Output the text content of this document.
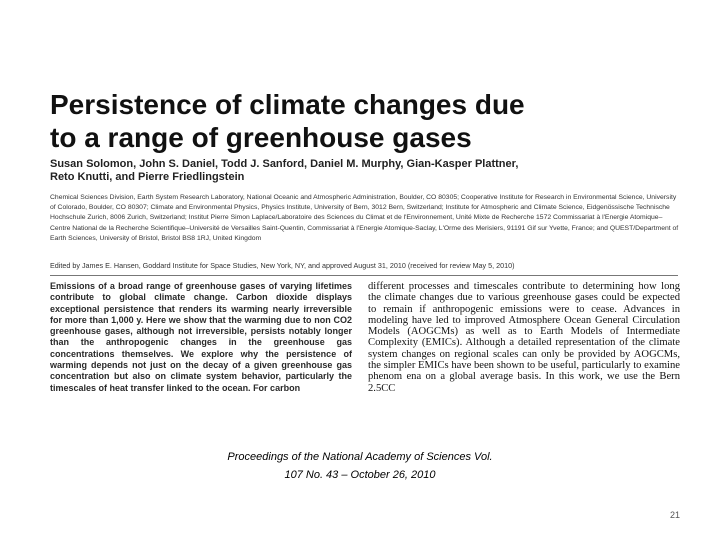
Persistence of climate changes due
to a range of greenhouse gases
Susan Solomon, John S. Daniel, Todd J. Sanford, Daniel M. Murphy, Gian-Kasper Plattner,
Reto Knutti, and Pierre Friedlingstein
Chemical Sciences Division, Earth System Research Laboratory, National Oceanic and Atmospheric Administration, Boulder, CO 80305; Cooperative Institute for Research in Environmental Science, University of Colorado, Boulder, CO 80307; Climate and Environmental Physics, Physics Institute, University of Bern, 3012 Bern, Switzerland; Institute for Atmospheric and Climate Science, Eidgenössische Technische Hochschule Zurich, 8006 Zurich, Switzerland; Institut Pierre Simon Laplace/Laboratoire des Sciences du Climat et de l'Environnement, Unité Mixte de Recherche 1572 Commissariat à l'Energie Atomique–Centre National de la Recherche Scientifique–Université de Versailles Saint-Quentin, Commissariat à l'Energie Atomique-Saclay, L'Orme des Merisiers, 91191 Gif sur Yvette, France; and QUEST/Department of Earth Sciences, University of Bristol, Bristol BS8 1RJ, United Kingdom
Edited by James E. Hansen, Goddard Institute for Space Studies, New York, NY, and approved August 31, 2010 (received for review May 5, 2010)
Emissions of a broad range of greenhouse gases of varying lifetimes contribute to global climate change. Carbon dioxide displays exceptional persistence that renders its warming nearly irreversible for more than 1,000 y. Here we show that the warming due to non CO2 greenhouse gases, although not irreversible, persists notably longer than the anthropogenic changes in the greenhouse gas concentrations themselves. We explore why the persistence of warming depends not just on the decay of a given greenhouse gas concentration but also on climate system behavior, particularly the timescales of heat transfer linked to the ocean. For carbon
different processes and timescales contribute to determining how long the climate changes due to various greenhouse gases could be expected to remain if anthropogenic emissions were to cease. Advances in modeling have led to improved Atmosphere Ocean General Circulation Models (AOGCMs) as well as to Earth Models of Intermediate Complexity (EMICs). Although a detailed representation of the climate system changes on regional scales can only be provided by AOGCMs, the simpler EMICs have been shown to be useful, particularly to examine phenom ena on a global average basis. In this work, we use the Bern 2.5CC
Proceedings of the National Academy of Sciences Vol.
107 No. 43 – October 26, 2010
21
